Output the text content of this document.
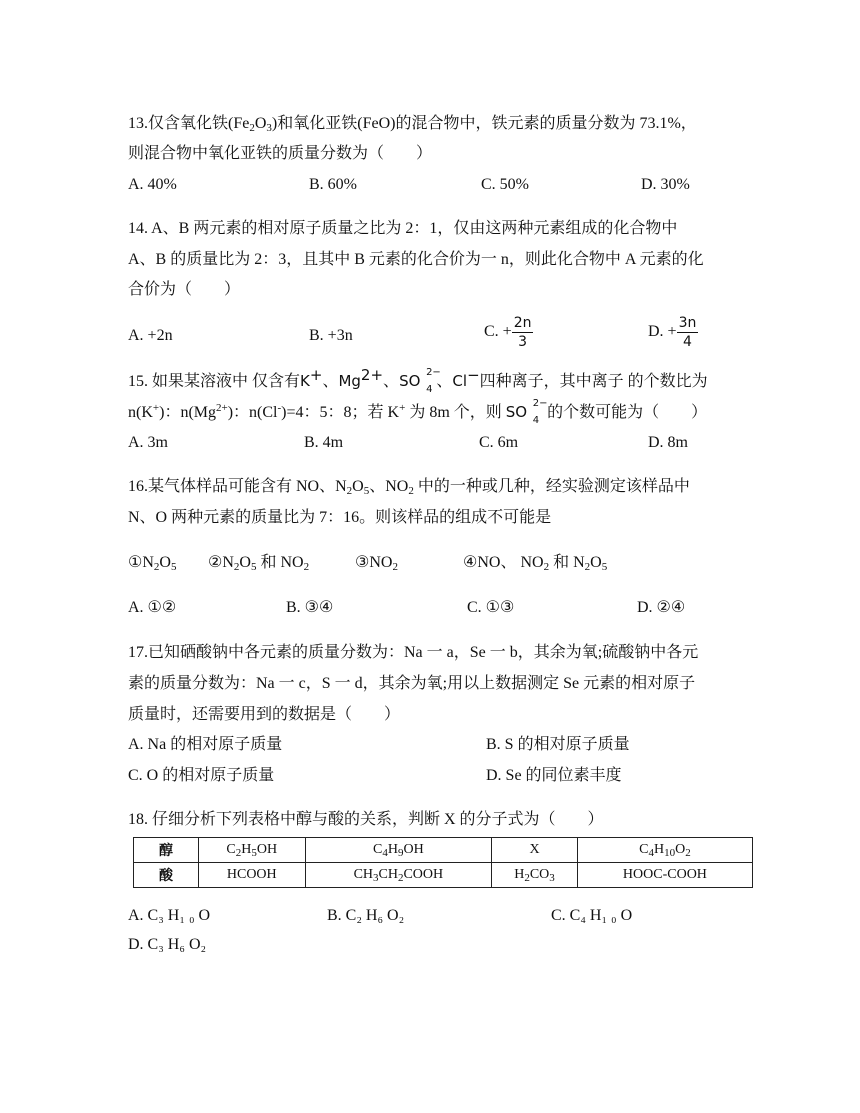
13.仅含氧化铁$(Fe_2O_3)$和氧化亚铁(FeO)的混合物中，铁元素的质量分数为 73.1%，
则混合物中氧化亚铁的质量分数为（　　）
A. 40%	B. 60%	C. 50%	D. 30%
14. A、B 两元素的相对原子质量之比为 2：1，仅由这两种元素组成的化合物中
A、B 的质量比为 2：3，且其中 B 元素的化合价为一 n，则此化合物中 A 元素的化
合价为（　　）
A. +2n	B. +3n	C. + $\frac{2n}{3}$	D. + $\frac{3n}{4}$
15. 如果某溶液中 仅含有K+、$Mg^{2+}$、SO 2−
4 、Cl−四种离子，其中离子 的个数比为
n(K+)：$n(Mg^{2+})$：n(Cl-)=4：5：8；若 K+ 为 8m 个，则 SO 2−
4 的个数可能为（　　）
A. 3m	B. 4m	C. 6m	D. 8m
16.某气体样品可能含有 NO、$N_2O_5$、$NO_2$ 中的一种或几种，经实验测定该样品中
N、O 两种元素的质量比为 7：16。则该样品的组成不可能是
$①N_2O_5$ $②N_2O_5$ 和 $NO_2$	$③NO_2$	④NO、 $NO_2$ 和 $N_2O_5$
A. ①②	B. ③④	C. ①③	D. ②④
17.已知硒酸钠中各元素的质量分数为：Na 一 a，Se 一 b，其余为氧;硫酸钠中各元
素的质量分数为：Na 一 c，S 一 d，其余为氧;用以上数据测定 Se 元素的相对原子
质量时，还需要用到的数据是（　　）
A. Na 的相对原子质量	B. S 的相对原子质量
C. O 的相对原子质量	D. Se 的同位素丰度
18. 仔细分析下列表格中醇与酸的关系，判断 X 的分子式为（　　）
醇	$C_2H_5OH$	$C_4H_9OH$	X	$C_4H_{10}O_2$
酸	HCOOH	$CH_3CH_2COOH$	$H_2CO_3$	HOOC-COOH
A. C₃ H₁ ₀ O	B. C₂ H₆ O₂	C. C₄ H₁ ₀ O
D. C₃ H₆ O₂
